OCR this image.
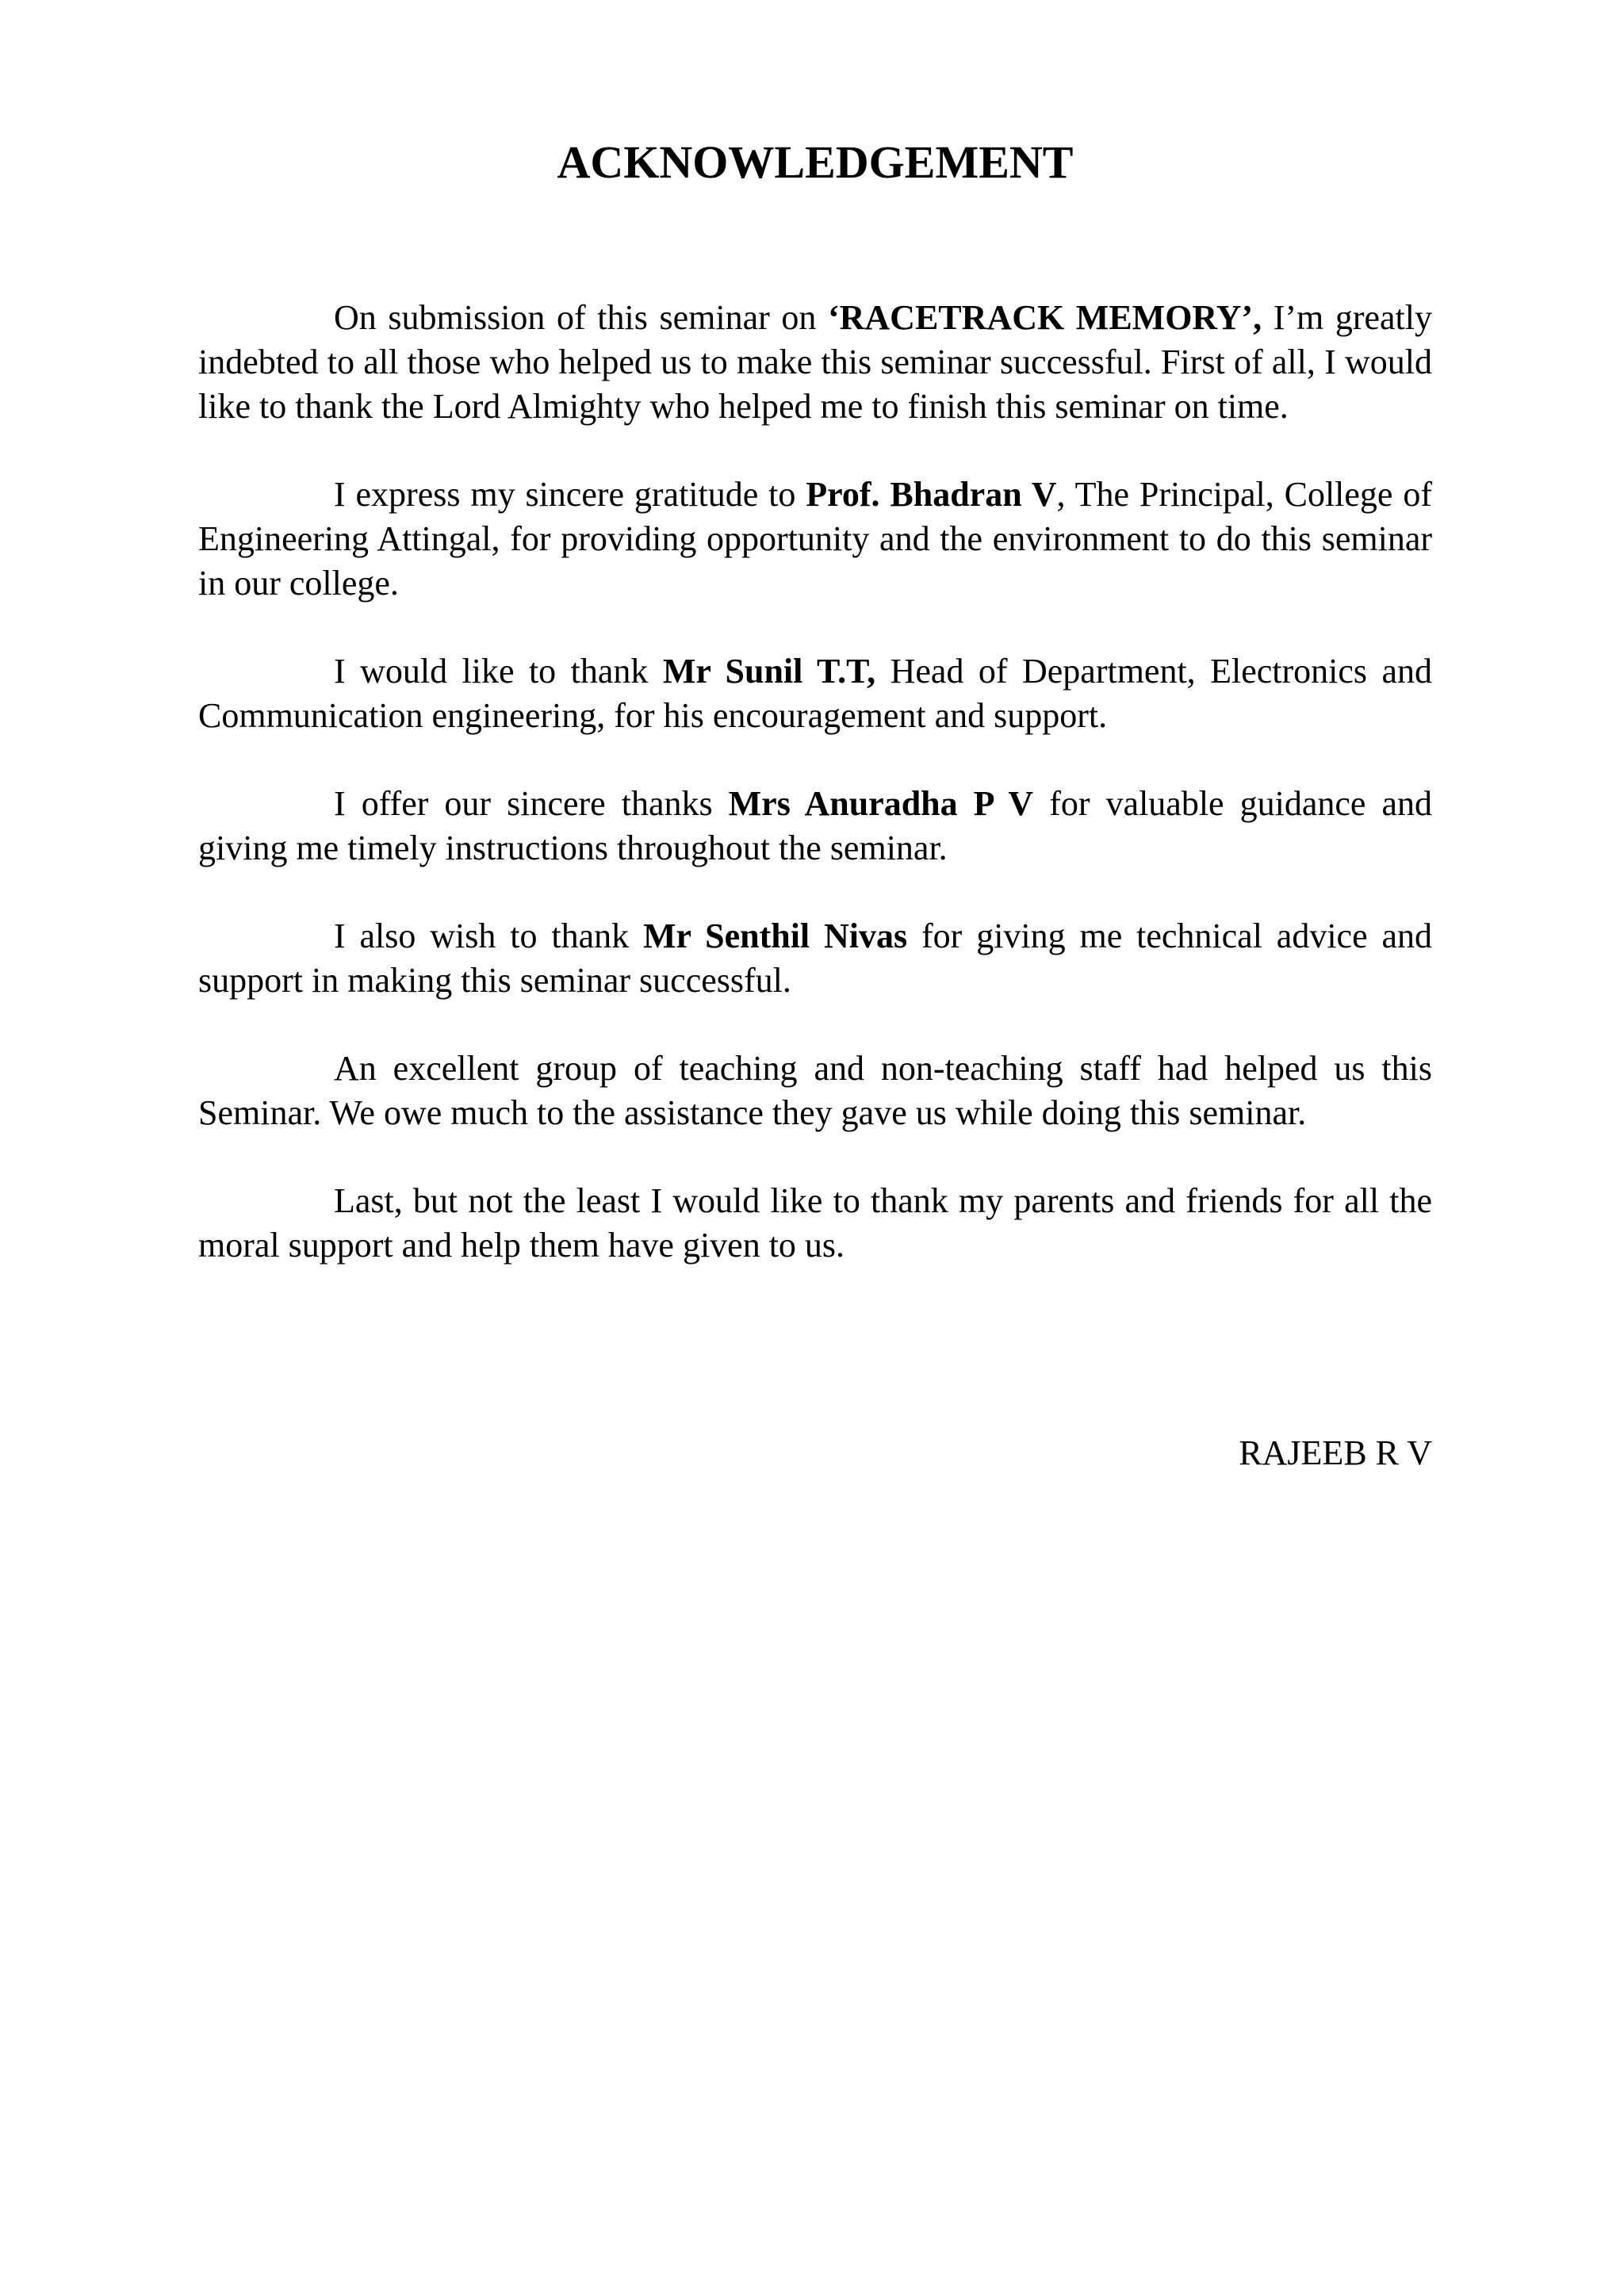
ACKNOWLEDGEMENT

On submission of this seminar on ‘RACETRACK MEMORY’, I’m greatly indebted to all those who helped us to make this seminar successful. First of all, I would like to thank the Lord Almighty who helped me to finish this seminar on time.

I express my sincere gratitude to Prof. Bhadran V, The Principal, College of Engineering Attingal, for providing opportunity and the environment to do this seminar in our college.

I would like to thank Mr Sunil T.T, Head of Department, Electronics and Communication engineering, for his encouragement and support.

I offer our sincere thanks Mrs Anuradha P V for valuable guidance and giving me timely instructions throughout the seminar.

I also wish to thank Mr Senthil Nivas for giving me technical advice and support in making this seminar successful.

An excellent group of teaching and non-teaching staff had helped us this Seminar. We owe much to the assistance they gave us while doing this seminar.

Last, but not the least I would like to thank my parents and friends for all the moral support and help them have given to us.

RAJEEB R V
